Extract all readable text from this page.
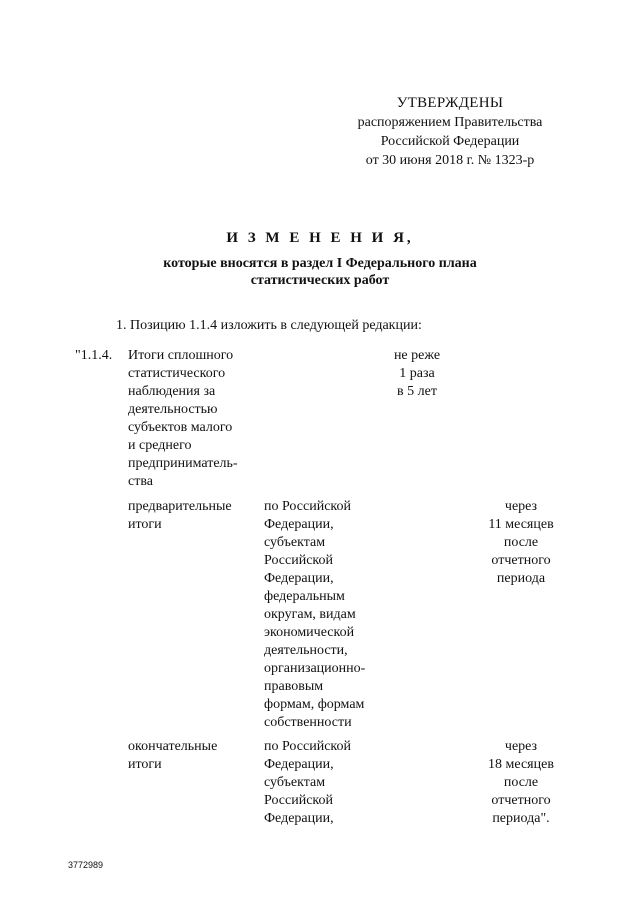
УТВЕРЖДЕНЫ
распоряжением Правительства
Российской Федерации
от 30 июня 2018 г. № 1323-р
И З М Е Н Е Н И Я,
которые вносятся в раздел I Федерального плана
статистических работ
1. Позицию 1.1.4 изложить в следующей редакции:
"1.1.4. Итоги сплошного
статистического
наблюдения за
деятельностью
субъектов малого
и среднего
предприниматель-
ства
не реже
1 раза
в 5 лет
предварительные
итоги
по Российской
Федерации,
субъектам
Российской
Федерации,
федеральным
округам, видам
экономической
деятельности,
организационно-
правовым
формам, формам
собственности
через
11 месяцев
после
отчетного
периода
окончательные
итоги
по Российской
Федерации,
субъектам
Российской
Федерации,
через
18 месяцев
после
отчетного
периода".
3772989
